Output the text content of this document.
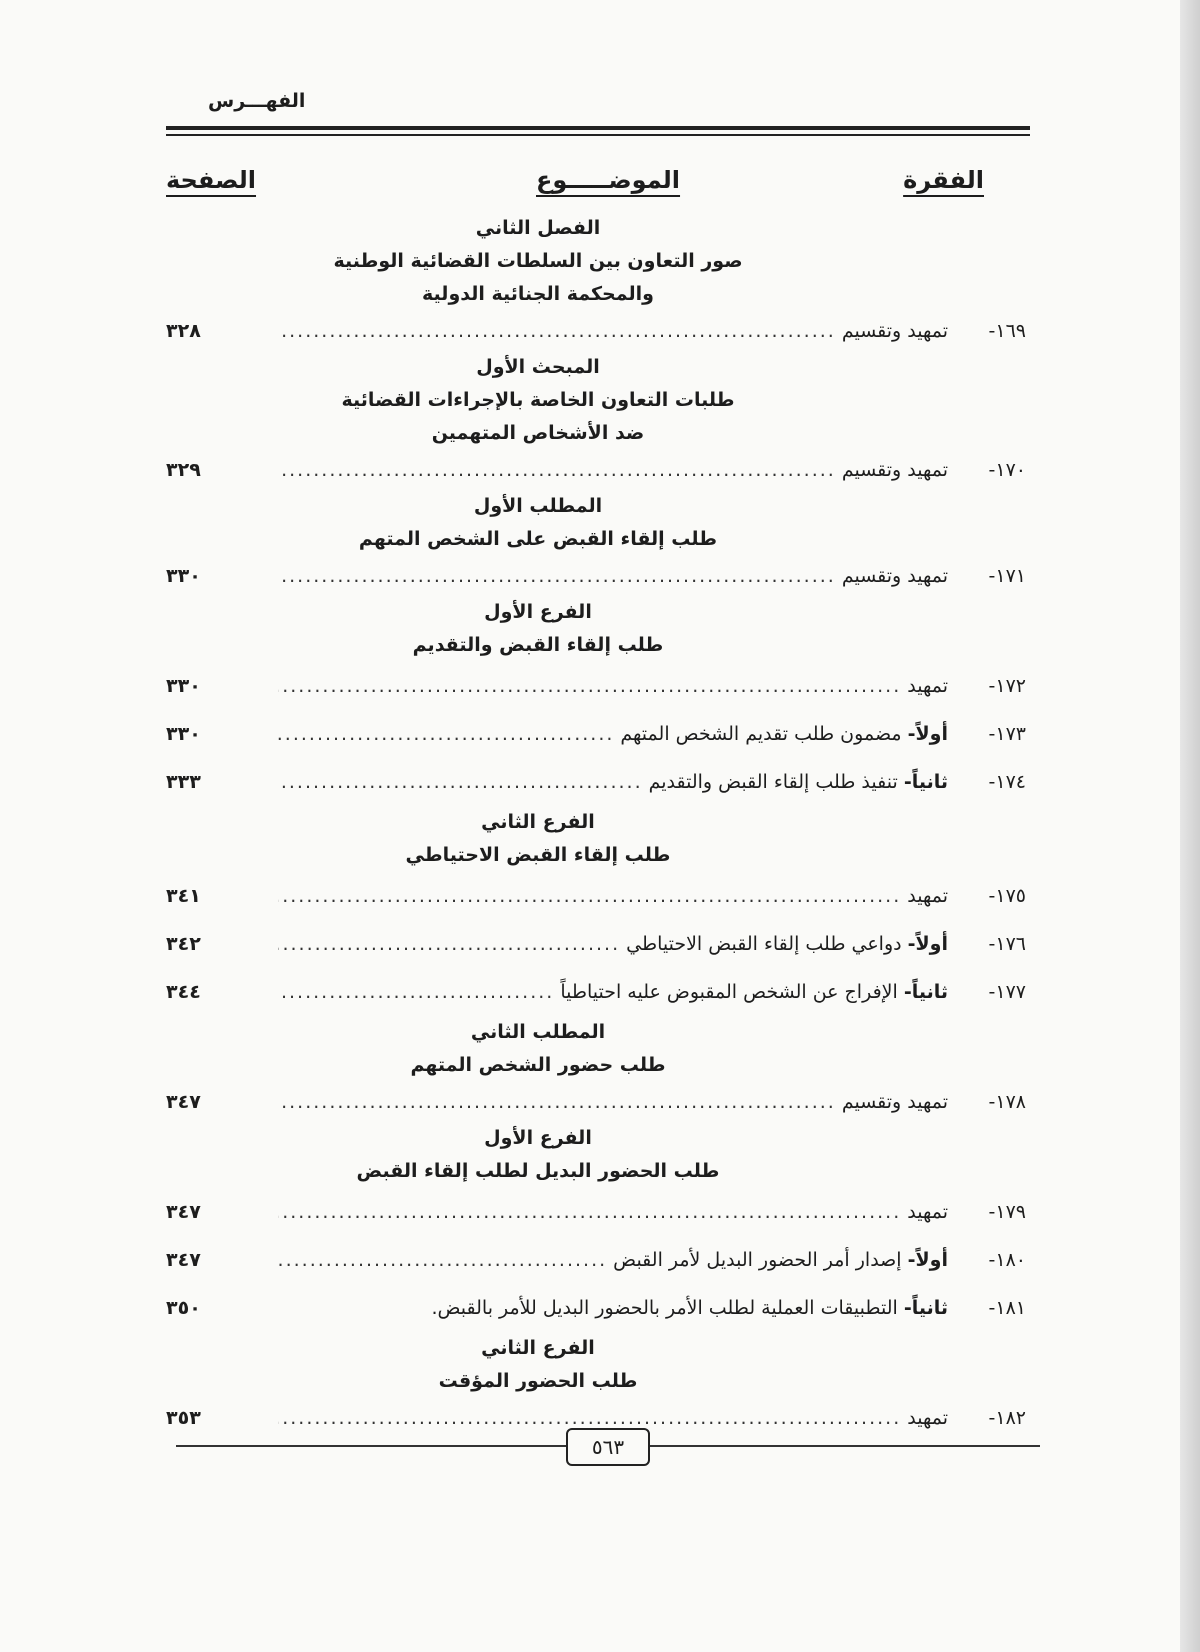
الفهـــرس
الفقرة
الموضـــــوع
الصفحة
الفصل الثاني
صور التعاون بين السلطات القضائية الوطنية
والمحكمة الجنائية الدولية
١٦٩-
تمهيد وتقسيم
.....
٣٢٨
المبحث الأول
طلبات التعاون الخاصة بالإجراءات القضائية
ضد الأشخاص المتهمين
١٧٠-
تمهيد وتقسيم
.....
٣٢٩
المطلب الأول
طلب إلقاء القبض على الشخص المتهم
١٧١-
تمهيد وتقسيم
.....
٣٣٠
الفرع الأول
طلب إلقاء القبض والتقديم
١٧٢-
تمهيد
.....
٣٣٠
١٧٣-
أولاً- مضمون طلب تقديم الشخص المتهم
.....
٣٣٠
١٧٤-
ثانياً- تنفيذ طلب إلقاء القبض والتقديم
.....
٣٣٣
الفرع الثاني
طلب إلقاء القبض الاحتياطي
١٧٥-
تمهيد
.....
٣٤١
١٧٦-
أولاً- دواعي طلب إلقاء القبض الاحتياطي
.....
٣٤٢
١٧٧-
ثانياً- الإفراج عن الشخص المقبوض عليه احتياطياً
.....
٣٤٤
المطلب الثاني
طلب حضور الشخص المتهم
١٧٨-
تمهيد وتقسيم
.....
٣٤٧
الفرع الأول
طلب الحضور البديل لطلب إلقاء القبض
١٧٩-
تمهيد
.....
٣٤٧
١٨٠-
أولاً- إصدار أمر الحضور البديل لأمر القبض
.....
٣٤٧
١٨١-
ثانياً- التطبيقات العملية لطلب الأمر بالحضور البديل للأمر بالقبض.
٣٥٠
الفرع الثاني
طلب الحضور المؤقت
١٨٢-
تمهيد
.....
٣٥٣
٥٦٣
